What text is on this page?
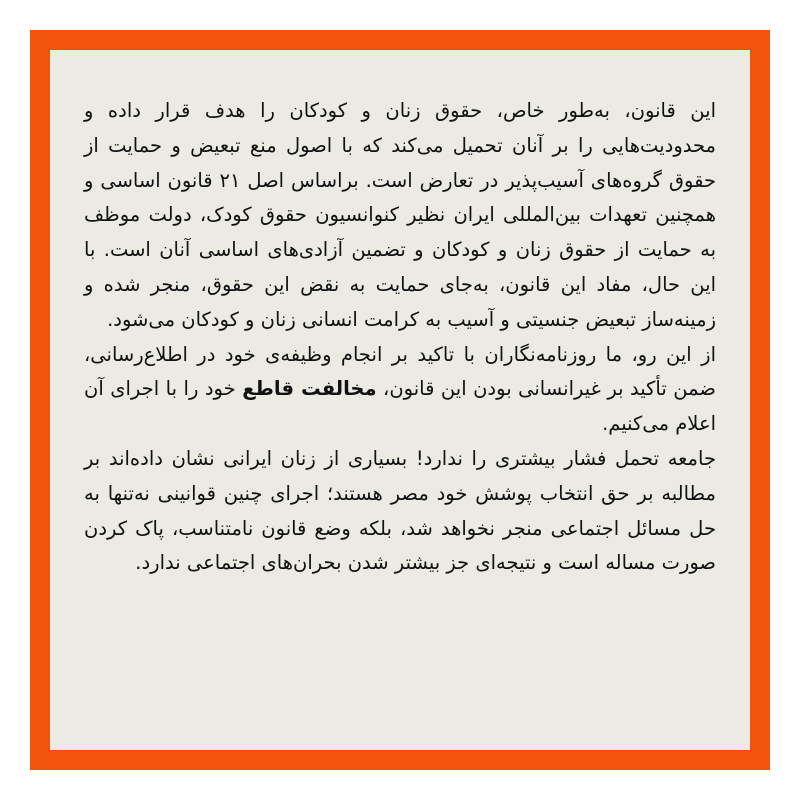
این قانون، به‌طور خاص، حقوق زنان و کودکان را هدف قرار داده و محدودیت‌هایی را بر آنان تحمیل می‌کند که با اصول منع تبعیض و حمایت از حقوق گروه‌های آسیب‌پذیر در تعارض است. براساس اصل ۲۱ قانون اساسی و همچنین تعهدات بین‌المللی ایران نظیر کنوانسیون حقوق کودک، دولت موظف به حمایت از حقوق زنان و کودکان و تضمین آزادی‌های اساسی آنان است. با این حال، مفاد این قانون، به‌جای حمایت به نقض این حقوق، منجر شده و زمینه‌ساز تبعیض جنسیتی و آسیب به کرامت انسانی زنان و کودکان می‌شود.

از این رو، ما روزنامه‌نگاران با تاکید بر انجام وظیفه‌ی خود در اطلاع‌رسانی، ضمن تأکید بر غیرانسانی بودن این قانون، مخالفت قاطع خود را با اجرای آن اعلام می‌کنیم.

جامعه تحمل فشار بیشتری را ندارد! بسیاری از زنان ایرانی نشان داده‌اند بر مطالبه بر حق انتخاب پوشش خود مصر هستند؛ اجرای چنین قوانینی نه‌تنها به حل مسائل اجتماعی منجر نخواهد شد، بلکه وضع قانون نامتناسب، پاک کردن صورت مساله است و نتیجه‌ای جز بیشتر شدن بحران‌های اجتماعی ندارد.
